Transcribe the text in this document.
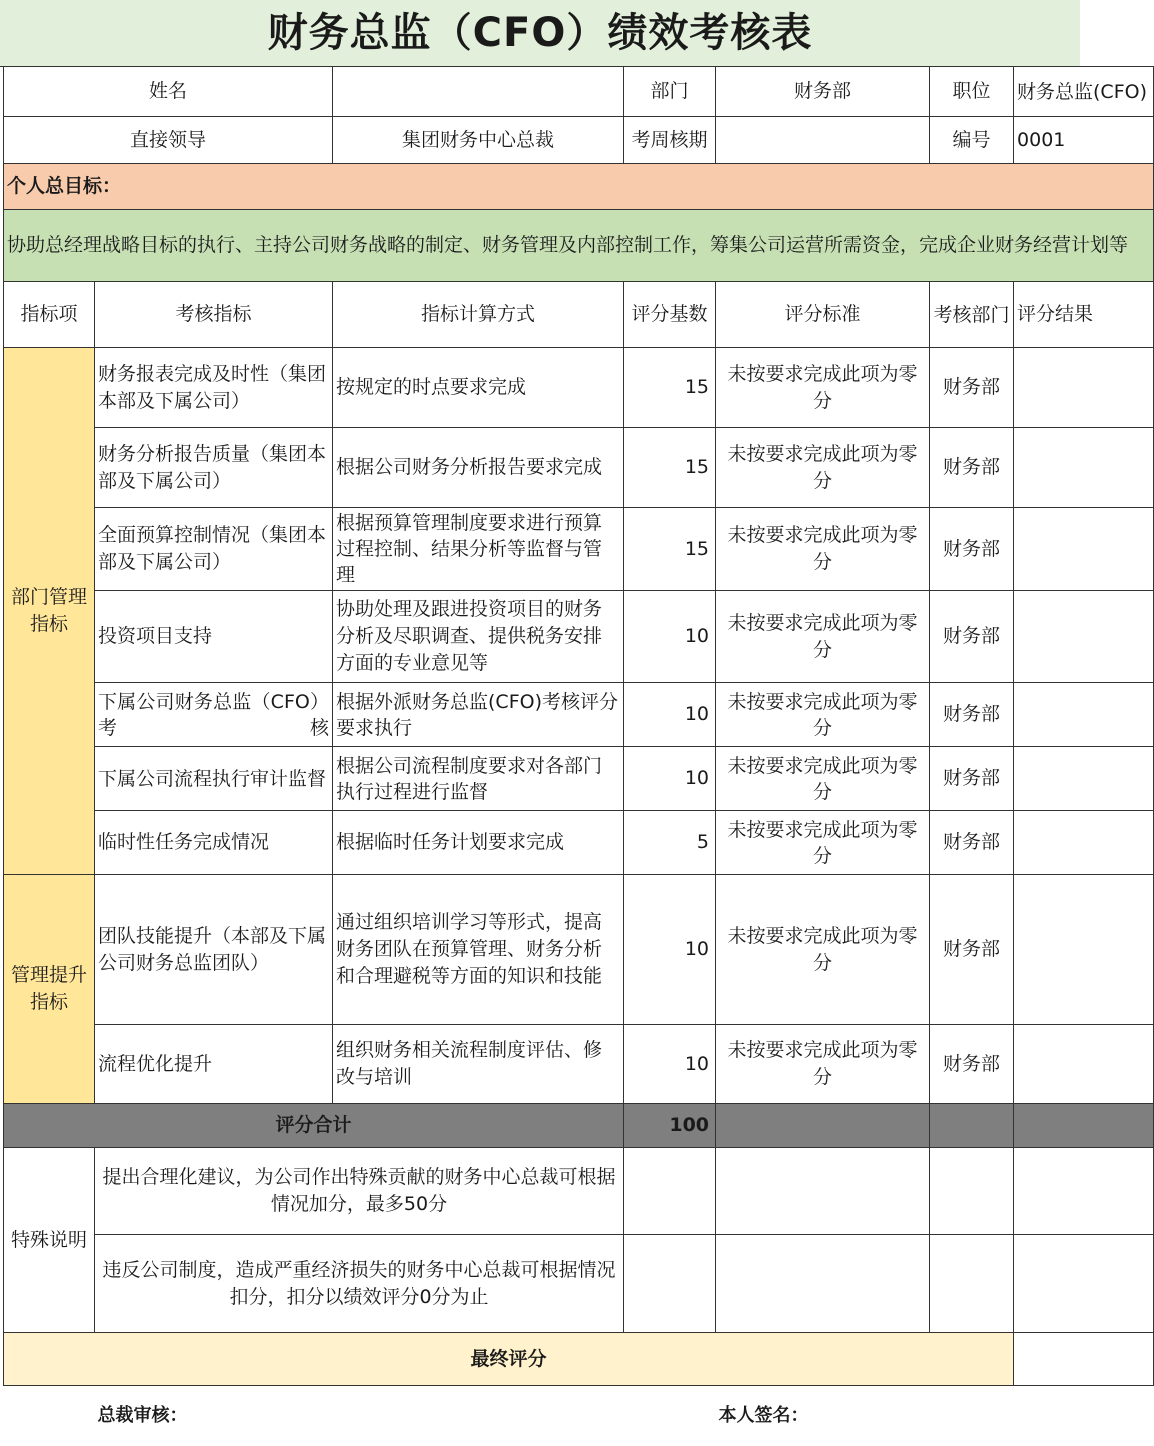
财务总监（CFO）绩效考核表
姓名			部门	财务部	职位	财务总监(CFO)
直接领导		集团财务中心总裁	考周核期		编号	0001
个人总目标：						
协助总经理战略目标的执行、主持公司财务战略的制定、财务管理及内部控制工作，筹集公司运营所需资金，完成企业财务经营计划等						
指标项	考核指标	指标计算方式	评分基数	评分标准	考核部门	评分结果
部门管理指标	财务报表完成及时性（集团本部及下属公司）	按规定的时点要求完成	15	未按要求完成此项为零分	财务部	
	财务分析报告质量（集团本部及下属公司）	根据公司财务分析报告要求完成	15	未按要求完成此项为零分	财务部	
	全面预算控制情况（集团本部及下属公司）	根据预算管理制度要求进行预算过程控制、结果分析等监督与管理	15	未按要求完成此项为零分	财务部	
	投资项目支持	协助处理及跟进投资项目的财务分析及尽职调查、提供税务安排方面的专业意见等	10	未按要求完成此项为零分	财务部	
	下属公司财务总监（CFO）考核	根据外派财务总监(CFO)考核评分要求执行	10	未按要求完成此项为零分	财务部	
	下属公司流程执行审计监督	根据公司流程制度要求对各部门执行过程进行监督	10	未按要求完成此项为零分	财务部	
	临时性任务完成情况	根据临时任务计划要求完成	5	未按要求完成此项为零分	财务部	
管理提升指标	团队技能提升（本部及下属公司财务总监团队）	通过组织培训学习等形式，提高财务团队在预算管理、财务分析和合理避税等方面的知识和技能	10	未按要求完成此项为零分	财务部	
	流程优化提升	组织财务相关流程制度评估、修改与培训	10	未按要求完成此项为零分	财务部	
评分合计			100			
特殊说明	提出合理化建议，为公司作出特殊贡献的财务中心总裁可根据情况加分，最多50分					
	违反公司制度，造成严重经济损失的财务中心总裁可根据情况扣分，扣分以绩效评分0分为止					
最终评分						
	总裁审核：			本人签名：		
